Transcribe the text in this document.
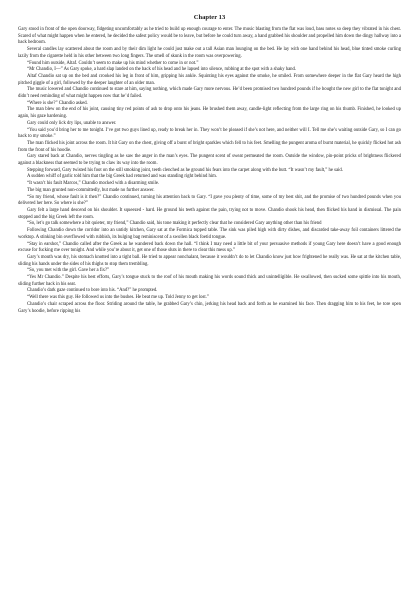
Chapter 13

Gary stood in front of the open doorway, fidgeting uncomfortably as he tried to build up enough courage to enter. The music blasting from the flat was loud, bass notes so deep they vibrated in his chest. Scared of what might happen when he entered, he decided the safest policy would be to leave, but before he could turn away, a hand grabbed his shoulder and propelled him down the dingy hallway into a back bedroom.

Several candles lay scattered about the room and by their dim light he could just make out a tall Asian man lounging on the bed. He lay with one hand behind his head, blue tinted smoke curling lazily from the cigarette held in his other between two long fingers. The smell of skunk in the room was overpowering.

“Found him outside, Altaf. Couldn’t seem to make up his mind whether to come in or not.”

“Mr Chandio, I—” As Gary spoke, a hard slap landed on the back of his head and he lapsed into silence, rubbing at the spot with a shaky hand.

Altaf Chandio sat up on the bed and crooked his leg in front of him, gripping his ankle. Squinting his eyes against the smoke, he smiled. From somewhere deeper in the flat Gary heard the high pitched giggle of a girl, followed by the deeper laughter of an older man.

The music lowered and Chandio continued to stare at him, saying nothing, which made Gary more nervous. He’d been promised two hundred pounds if he bought the new girl to the flat tonight and didn’t need reminding of what might happen now that he’d failed.

“Where is she?” Chandio asked.

The man blew on the end of his joint, causing tiny red points of ash to drop onto his jeans. He brushed them away, candle-light reflecting from the large ring on his thumb. Finished, he looked up again, his gaze hardening.

Gary could only lick dry lips, unable to answer.

“You said you’d bring her to me tonight. I’ve got two guys lined up, ready to break her in. They won’t be pleased if she’s not here, and neither will I. Tell me she’s waiting outside Gary, so I can go back to my smoke.”

The man flicked his joint across the room. It hit Gary on the chest, giving off a burst of bright sparkles which fell to his feet. Smelling the pungent aroma of burnt material, he quickly flicked hot ash from the front of his hoodie.

Gary stared back at Chandio, nerves tingling as he saw the anger in the man’s eyes. The pungent scent of sweat permeated the room. Outside the window, pin-point pricks of brightness flickered against a blackness that seemed to be trying to claw its way into the room.

Stepping forward, Gary twisted his foot on the still smoking joint, teeth clenched as he ground his fears into the carpet along with the butt. “It wasn’t my fault,” he said.

A sudden whiff of garlic told him that the big Greek had returned and was standing right behind him.

“It wasn’t his fault Marcos,” Chandio mocked with a disarming smile.

The big man grunted non-committedly, but made no further answer.

“So my friend, whose fault is it then?” Chandio continued, turning his attention back to Gary. “I gave you plenty of time, some of my best shit, and the promise of two hundred pounds when you delivered her here. So where is she?”

Gary felt a large hand descend on his shoulder. It squeezed - hard. He ground his teeth against the pain, trying not to move. Chandio shook his head, then flicked his hand in dismissal. The pain stopped and the big Greek left the room.

“So, let’s go talk somewhere a bit quieter, my friend,” Chandio said, his tone making it perfectly clear that he considered Gary anything other than his friend

Following Chandio down the corridor into an untidy kitchen, Gary sat at the Formica topped table. The sink was piled high with dirty dishes, and discarded take-away foil containers littered the worktop. A stinking bin overflowed with rubbish, its bulging bag reminiscent of a swollen black foetid tongue.

“Stay in earshot,” Chandio called after the Greek as he wandered back down the hall. “I think I may need a little bit of your persuasive methods if young Gary here doesn’t have a good enough excuse for fucking me over tonight. And while you’re about it, get one of those sluts in there to clear this mess up.”

Gary’s mouth was dry, his stomach knotted into a tight ball. He tried to appear nonchalant, because it wouldn’t do to let Chandio know just how frightened he really was. He sat at the kitchen table, sliding his hands under the sides of his thighs to stop them trembling.

“So, you met with the girl. Gave her a fix?”

“Yes Mr Chandio.” Despite his best efforts, Gary’s tongue stuck to the roof of his mouth making his words sound thick and unintelligible. He swallowed, then sucked some spittle into his mouth, sliding further back in his seat.

Chandio’s dark gaze continued to bore into his. “And?” he prompted.

“Well there was this guy. He followed us into the bushes. He beat me up. Told Jenny to get lost.”

Chandio’s chair scraped across the floor. Striding around the table, he grabbed Gary’s chin, jerking his head back and forth as he examined his face. Then dragging him to his feet, he tore open Gary’s hoodie, before ripping his
